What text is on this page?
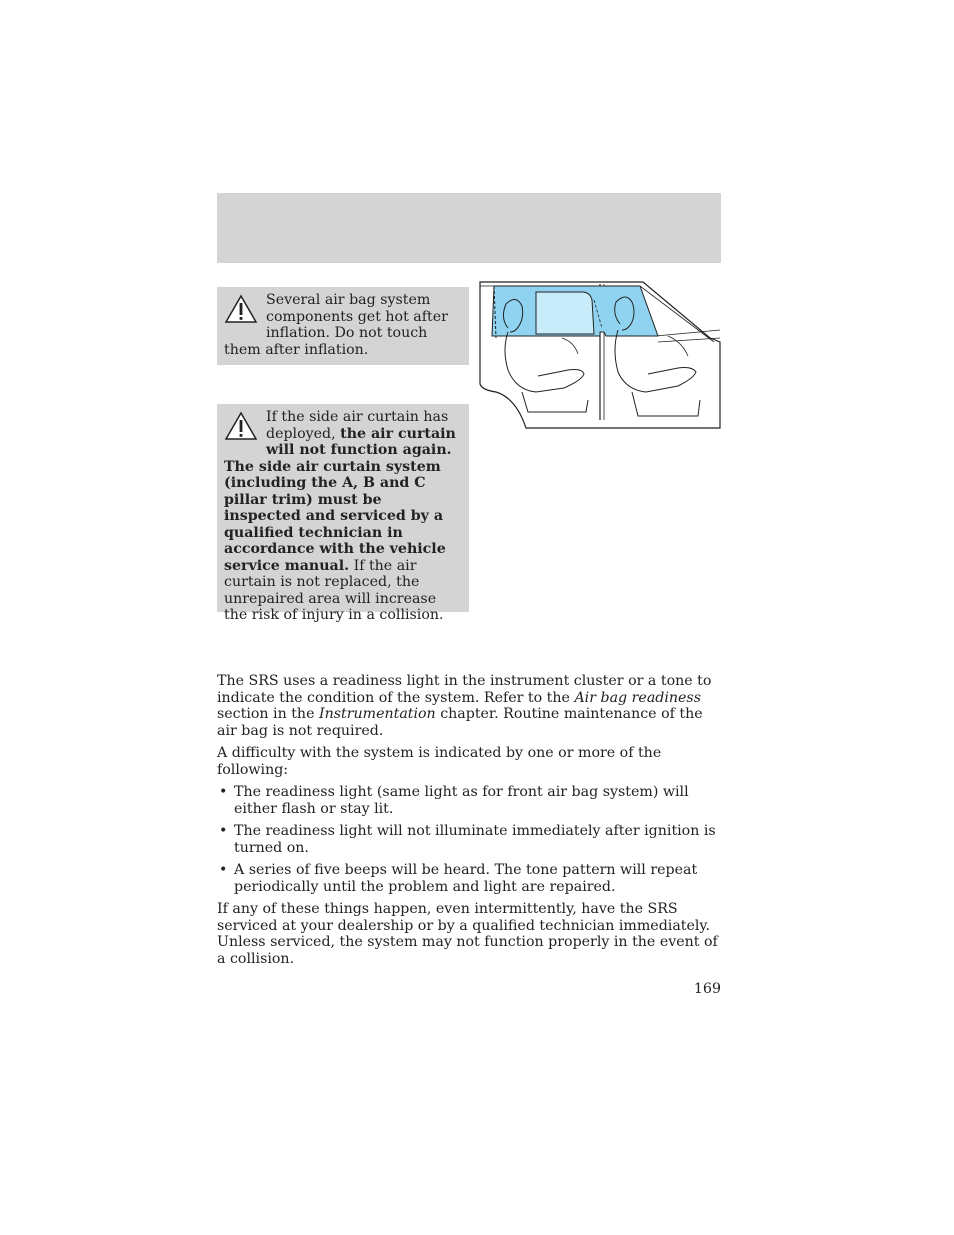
Several air bag system components get hot after inflation. Do not touch them after inflation.
If the side air curtain has deployed, the air curtain will not function again. The side air curtain system (including the A, B and C pillar trim) must be inspected and serviced by a qualified technician in accordance with the vehicle service manual. If the air curtain is not replaced, the unrepaired area will increase the risk of injury in a collision.

The SRS uses a readiness light in the instrument cluster or a tone to indicate the condition of the system. Refer to the Air bag readiness section in the Instrumentation chapter. Routine maintenance of the air bag is not required.

A difficulty with the system is indicated by one or more of the following:

• The readiness light (same light as for front air bag system) will either flash or stay lit.
• The readiness light will not illuminate immediately after ignition is turned on.
• A series of five beeps will be heard. The tone pattern will repeat periodically until the problem and light are repaired.

If any of these things happen, even intermittently, have the SRS serviced at your dealership or by a qualified technician immediately. Unless serviced, the system may not function properly in the event of a collision.

169
